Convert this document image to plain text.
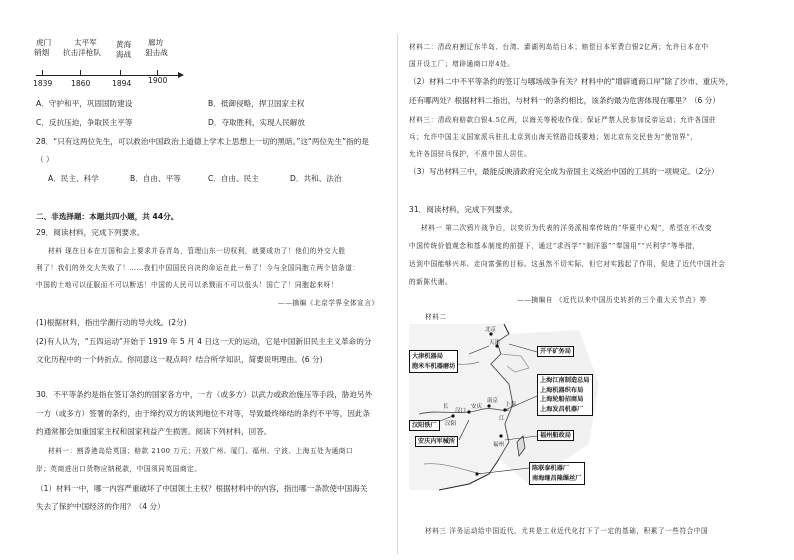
虎门
销烟
太平军
抗击洋枪队
黄海
海战
廊坊
狙击战
1839 1860	1894 1900
A．守护和平，巩固国防建设	B．抵御侵略，捍卫国家主权
C．反抗压迫，争取民主平等	D．夺取胜利，实现人民解放
28．“只有这两位先生，可以救治中国政治上道德上学术上思想上一切的黑暗。”这“两位先生”指的是
（ ）
A．民主、科学	B．自由、平等	C．自由、民主	D．共和、法治
二、非选择题：本题共四小题，共 44分。
29．阅读材料，完成下列要求。
材料 现在日本在万国和会上要求并吞青岛，管理山东一切权利，就要成功了！他们的外交大胜
利了！我们的外交大失败了！……我们中国国民自决的命运在此一举了！今与全国同胞立两个信条道：
中国的土地可以征服而不可以断送！中国的人民可以杀戮而不可以低头！国亡了！同胞起来呀！
——摘编《北京学界全体宣言》
(1)根据材料，指出学潮行动的导火线。(2分)
(2)有人认为，“五四运动”开始于 1919 年 5 月 4 日这一天的运动，它是中国新旧民主主义革命的分
文化历程中的一个转折点。你同意这一观点吗？结合所学知识，简要说明理由。(6 分)
30．不平等条约是指在签订条约的国家各方中，一方（或多方）以武力或政治施压等手段，胁迫另外
一方（或多方）签署的条约，由于缔约双方的谈判地位不对等，导致最终缔结的条约不平等，因此条
约通常都会加重国家主权和国家利益产生损害。阅读下列材料，回答。
材料一：割香港岛给英国；赔款 2100 万元；开放广州、厦门、福州、宁波、上海五处为通商口
岸；英商进出口货物应纳税款，中国须同英国商定。
（1）材料一中，哪一内容严重破坏了中国领土主权？根据材料中的内容，指出哪一条款使中国海关
失去了保护中国经济的作用？（4 分）
材料二：清政府割辽东半岛、台湾、澎湖列岛给日本；赔偿日本军费白银2亿两；允许日本在中
国开设工厂；增辟通商口岸4处。
（2）材料二中不平等条约的签订与哪场战争有关？材料中的“增辟通商口岸”除了沙市、重庆外，
还有哪两处？根据材料二指出，与材料一的条约相比，该条约最为危害体现在哪里？（6 分）
材料三：清政府赔款白银4.5亿两，以海关等税收作保；保证严禁人民参加反帝运动；允许各国驻
兵；允许中国主义国家派兵驻扎北京到山海关铁路沿线要地；划北京东交民巷为“使馆界”，
允许各国驻兵保护，不准中国人居住。
（3）写出材料三中，最能反映清政府完全成为帝国主义统治中国的工具的一项规定。（2分）
31．阅读材料，完成下列要求。
材料一 第二次鸦片战争后，以奕䜣为代表的洋务派相奉传统的“华夏中心观”，希望在不改变
中国传统价值观念和基本制度的前提下，通过“求西学”“制洋器”“奉国用”“兴利学”等举措，
达到中国能够兴邦、走向富强的目标。这虽然不切实际，但它对实践起了作用，促进了近代中国社会
的新陈代谢。
——摘编自 《近代以来中国历史转折的三个重大关节点》等
材料二
材料三 洋务运动给中国近代，尤其是工业近代化打下了一定的基础，积累了一些符合中国
北京
天津
汉阳
南京
上海
福州
长	安庆
汉口
江
大津机器局
胞米车机器磨坊
开平矿务局
上海江南制造总局
上海机器织布局
上海轮船招商局
上海发昌机器厂
汉阳铁厂
安庆内军械所
福州船政局
陈联泰机器厂
南海继昌隆缫丝厂
